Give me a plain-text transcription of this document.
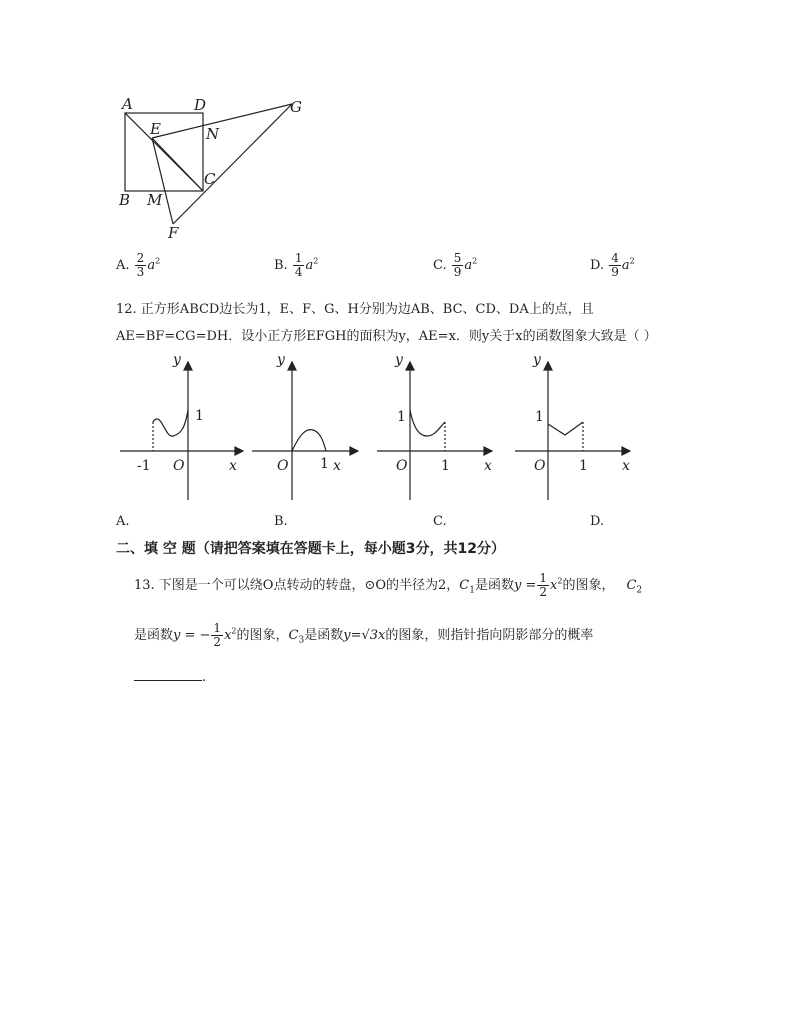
A	D	G
E	N
C
B M
F
A. $\frac{2}{3} a^2$	B. $\frac{1}{4} a^2$	C. $\frac{5}{9} a^2$	D. $\frac{4}{9} a^2$
12. 正方形ABCD边长为1，E、F、G、H分别为边AB、BC、CD、DA上的点，且
AE=BF=CG=DH．设小正方形EFGH的面积为y，AE=x．则y关于x的函数图象大致是（ ）
y
x
O
1
-1
y
x
O 1
y
x
O
1
1
y
x
O
1
1
A.	B.	C.	D.
二、填 空 题（请把答案填在答题卡上，每小题3分，共12分）
13. 下图是一个可以绕O点转动的转盘，⊙O的半径为2，$C_1$是函数$y = \frac{1}{2} x^2$的图象， $C_2$
是函数y = − $\frac{1}{2} x^2$的图象，$C_3$是函数y=√3x的图象，则指针指向阴影部分的概率
.
